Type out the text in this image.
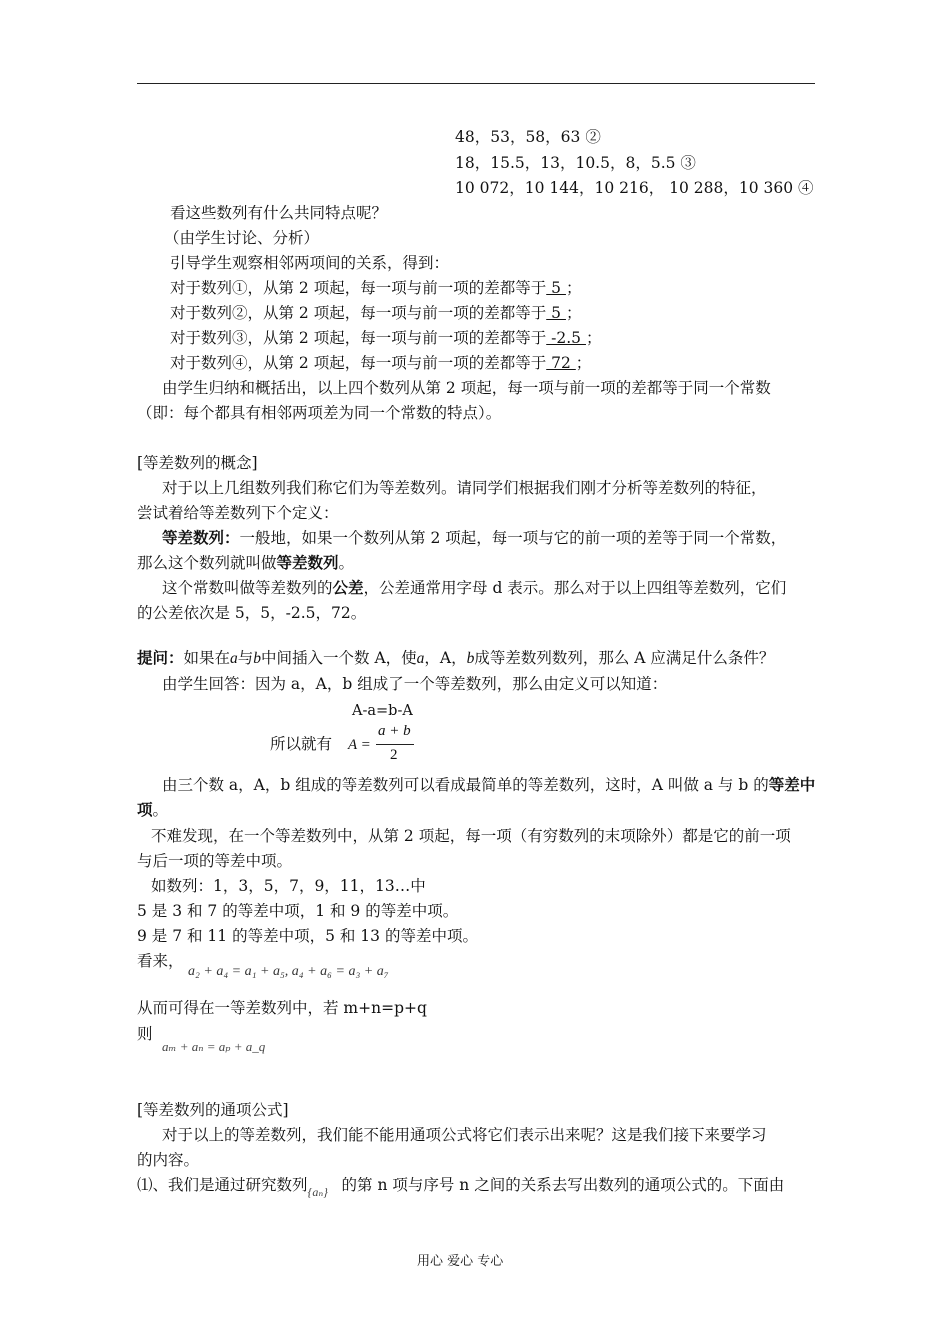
48，53，58，63 ②
18，15.5，13，10.5，8，5.5 ③
10 072，10 144，10 216， 10 288，10 360 ④
看这些数列有什么共同特点呢？
（由学生讨论、分析）
引导学生观察相邻两项间的关系，得到：
对于数列①，从第 2 项起，每一项与前一项的差都等于 5 ；
对于数列②，从第 2 项起，每一项与前一项的差都等于 5 ；
对于数列③，从第 2 项起，每一项与前一项的差都等于 -2.5 ；
对于数列④，从第 2 项起，每一项与前一项的差都等于 72 ；
由学生归纳和概括出，以上四个数列从第 2 项起，每一项与前一项的差都等于同一个常数
（即：每个都具有相邻两项差为同一个常数的特点）。
[等差数列的概念]
对于以上几组数列我们称它们为等差数列。请同学们根据我们刚才分析等差数列的特征，
尝试着给等差数列下个定义：
等差数列：一般地，如果一个数列从第 2 项起，每一项与它的前一项的差等于同一个常数，
那么这个数列就叫做等差数列。
这个常数叫做等差数列的公差，公差通常用字母 d 表示。那么对于以上四组等差数列，它们
的公差依次是 5，5，-2.5，72。
提问：如果在a与b中间插入一个数 A，使a，A，b成等差数列数列，那么 A 应满足什么条件？
由学生回答：因为 a，A，b 组成了一个等差数列，那么由定义可以知道：
A-a=b-A
所以就有 A =
a + b
2
由三个数 a，A，b 组成的等差数列可以看成最简单的等差数列，这时，A 叫做 a 与 b 的等差中
项。
不难发现，在一个等差数列中，从第 2 项起，每一项（有穷数列的末项除外）都是它的前一项
与后一项的等差中项。
如数列：1，3，5，7，9，11，13…中
5 是 3 和 7 的等差中项，1 和 9 的等差中项。
9 是 7 和 11 的等差中项，5 和 13 的等差中项。
看来，
a₂ + a₄ = a₁ + a₅, a₄ + a₆ = a₃ + a₇
从而可得在一等差数列中，若 m+n=p+q
则
aₘ + aₙ = aₚ + a_q
[等差数列的通项公式]
对于以上的等差数列，我们能不能用通项公式将它们表示出来呢？这是我们接下来要学习
的内容。
⑴、我们是通过研究数列{aₙ} 的第 n 项与序号 n 之间的关系去写出数列的通项公式的。下面由
用心 爱心 专心
